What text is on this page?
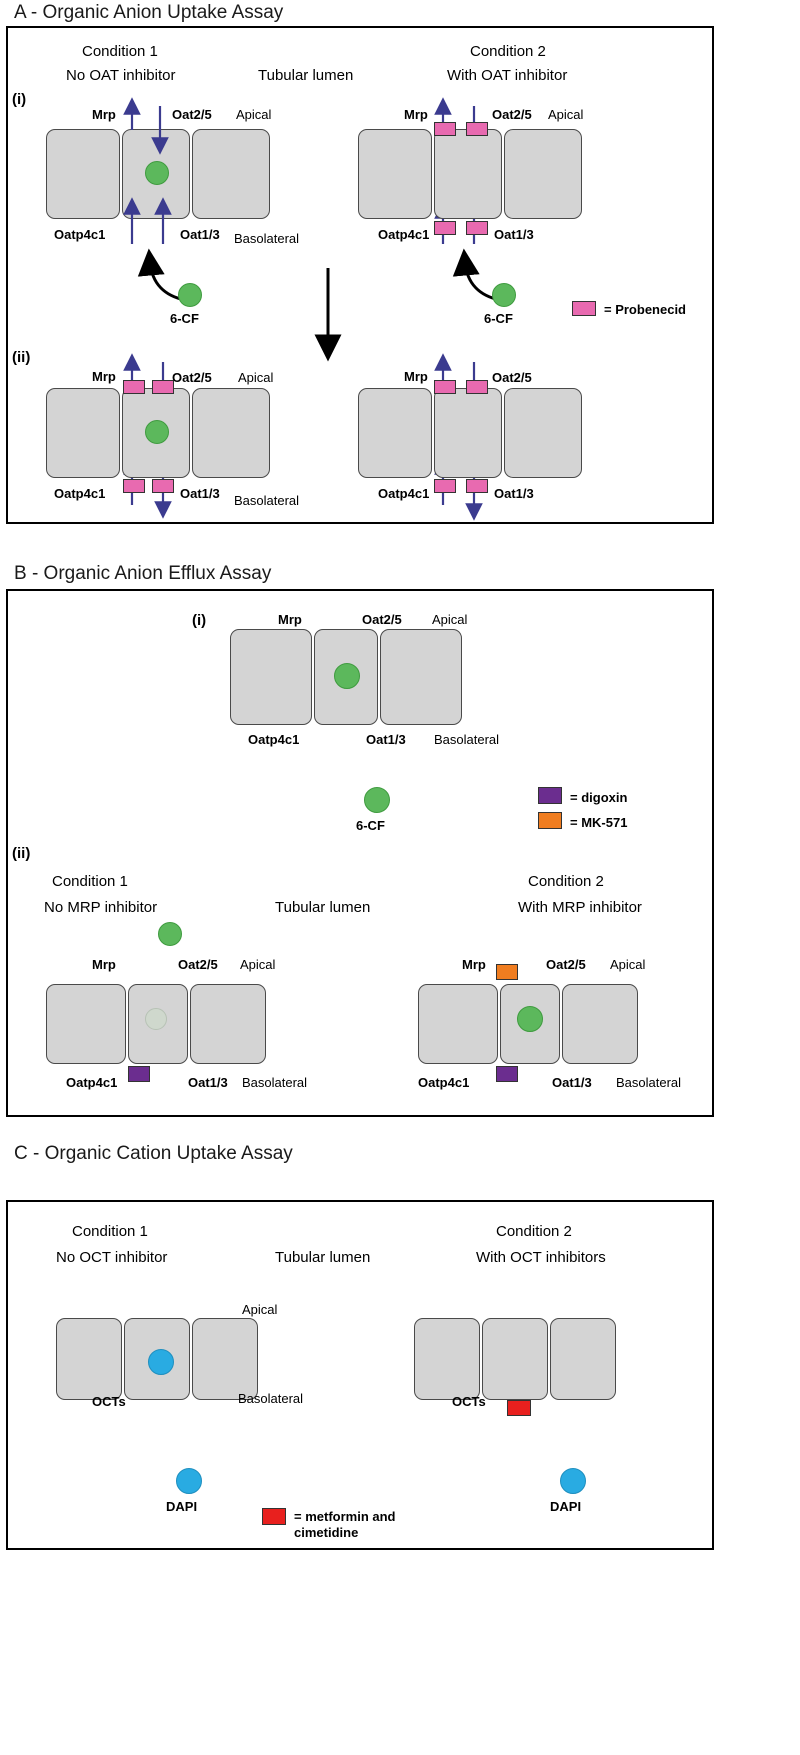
A - Organic Anion Uptake Assay
Condition 1
No OAT inhibitor	Tubular lumen
Condition 2
With OAT inhibitor
(i)
Mrp	Oat2/5 Apical
Oatp4c1	Oat1/3 Basolateral
6-CF
Mrp	Oat2/5 Apical
Oatp4c1	Oat1/3
6-CF
= Probenecid
(ii)
Mrp	Oat2/5 Apical
Oatp4c1	Oat1/3 Basolateral
Mrp	Oat2/5
Oatp4c1	Oat1/3
B - Organic Anion Efflux Assay
(i)	Mrp	Oat2/5 Apical
Oatp4c1	Oat1/3 Basolateral
6-CF
= digoxin
= MK-571
(ii)
Condition 1
No MRP inhibitor	Tubular lumen
Condition 2
With MRP inhibitor
Mrp	Oat2/5 Apical
Oatp4c1	Oat1/3 Basolateral
Mrp	Oat2/5 Apical
Oatp4c1	Oat1/3 Basolateral
C - Organic Cation Uptake Assay
Condition 1
No OCT inhibitor	Tubular lumen
Condition 2
With OCT inhibitors
Apical
OCTs	Basolateral
DAPI
OCTs
DAPI
= metformin and cimetidine
